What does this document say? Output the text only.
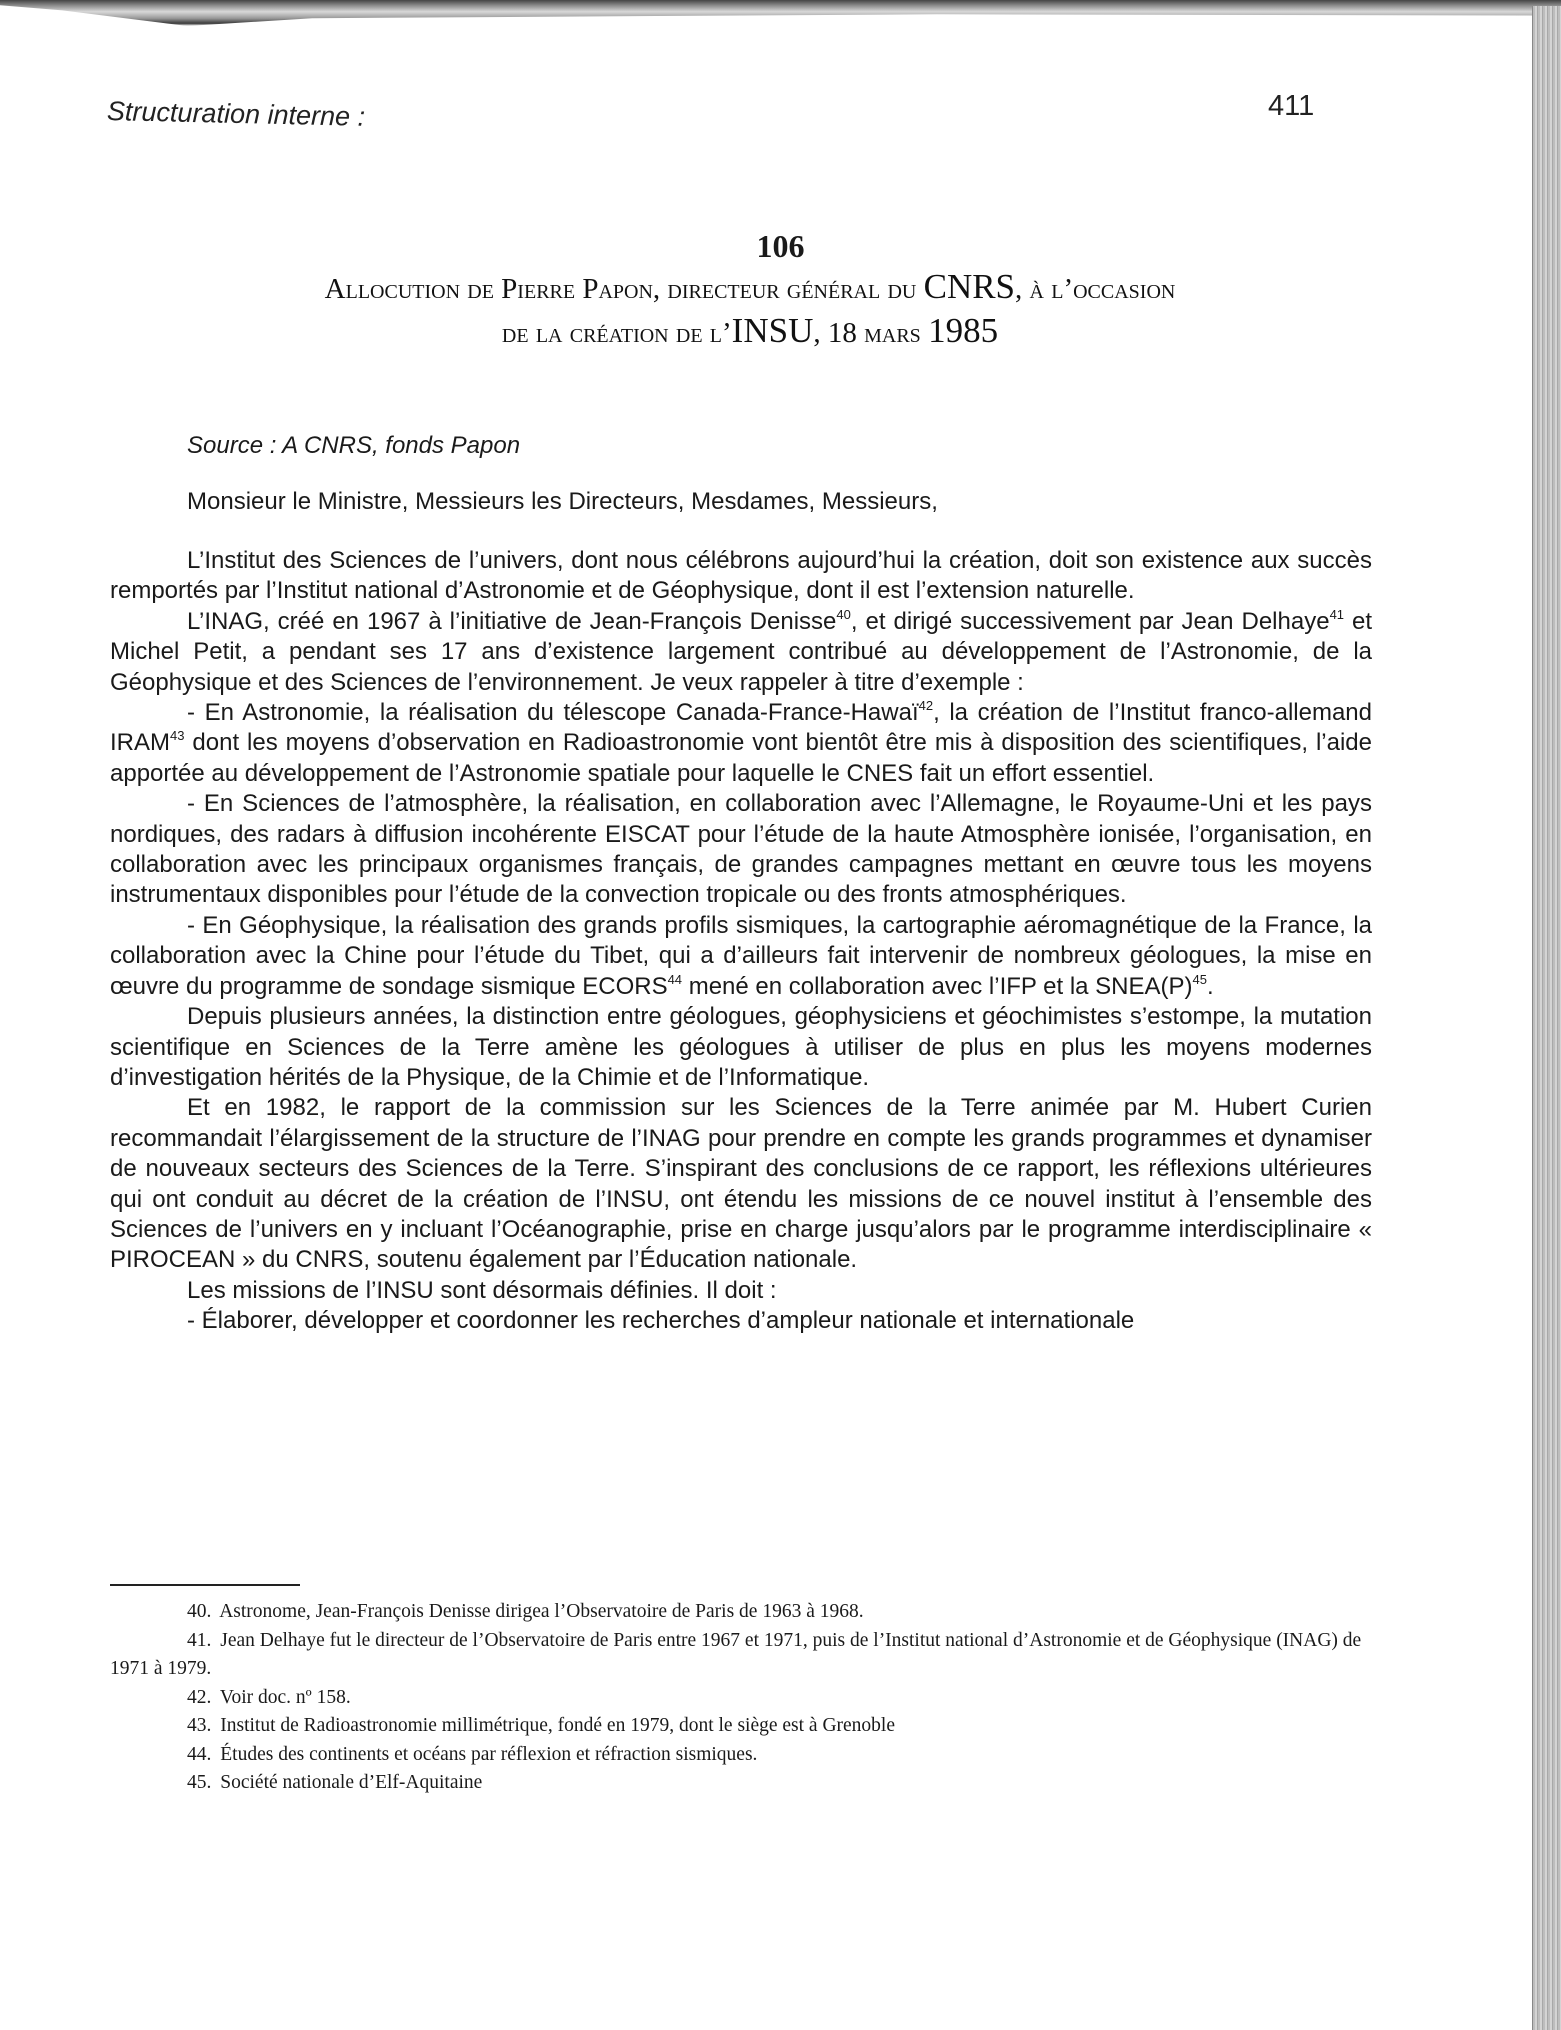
Structuration interne :	411
106
Allocution de Pierre Papon, directeur général du CNRS, à l’occasion
de la création de l’INSU, 18 mars 1985
Source : A CNRS, fonds Papon
Monsieur le Ministre, Messieurs les Directeurs, Mesdames, Messieurs,

L’Institut des Sciences de l’univers, dont nous célébrons aujourd’hui la création, doit son existence aux succès remportés par l’Institut national d’Astronomie et de Géophysique, dont il est l’extension naturelle.

L’INAG, créé en 1967 à l’initiative de Jean-François Denisse$^{40}$, et dirigé successivement par Jean Delhaye$^{41}$ et Michel Petit, a pendant ses 17 ans d’existence largement contribué au développement de l’Astronomie, de la Géophysique et des Sciences de l’environnement. Je veux rappeler à titre d’exemple :

- En Astronomie, la réalisation du télescope Canada-France-Hawaï$^{42}$, la création de l’Institut franco-allemand IRAM$^{43}$ dont les moyens d’observation en Radioastronomie vont bientôt être mis à disposition des scientifiques, l’aide apportée au développement de l’Astronomie spatiale pour laquelle le CNES fait un effort essentiel.

- En Sciences de l’atmosphère, la réalisation, en collaboration avec l’Allemagne, le Royaume-Uni et les pays nordiques, des radars à diffusion incohérente EISCAT pour l’étude de la haute Atmosphère ionisée, l’organisation, en collaboration avec les principaux organismes français, de grandes campagnes mettant en œuvre tous les moyens instrumentaux disponibles pour l’étude de la convection tropicale ou des fronts atmosphériques.

- En Géophysique, la réalisation des grands profils sismiques, la cartographie aéromagnétique de la France, la collaboration avec la Chine pour l’étude du Tibet, qui a d’ailleurs fait intervenir de nombreux géologues, la mise en œuvre du programme de sondage sismique ECORS$^{44}$ mené en collaboration avec l’IFP et la $SNEA(P)^{45}$.

Depuis plusieurs années, la distinction entre géologues, géophysiciens et géochimistes s’estompe, la mutation scientifique en Sciences de la Terre amène les géologues à utiliser de plus en plus les moyens modernes d’investigation hérités de la Physique, de la Chimie et de l’Informatique.

Et en 1982, le rapport de la commission sur les Sciences de la Terre animée par M. Hubert Curien recommandait l’élargissement de la structure de l’INAG pour prendre en compte les grands programmes et dynamiser de nouveaux secteurs des Sciences de la Terre. S’inspirant des conclusions de ce rapport, les réflexions ultérieures qui ont conduit au décret de la création de l’INSU, ont étendu les missions de ce nouvel institut à l’ensemble des Sciences de l’univers en y incluant l’Océanographie, prise en charge jusqu’alors par le programme interdisciplinaire « PIROCEAN » du CNRS, soutenu également par l’Éducation nationale.

Les missions de l’INSU sont désormais définies. Il doit :

- Élaborer, développer et coordonner les recherches d’ampleur nationale et internationale

40. Astronome, Jean-François Denisse dirigea l’Observatoire de Paris de 1963 à 1968.

41. Jean Delhaye fut le directeur de l’Observatoire de Paris entre 1967 et 1971, puis de l’Institut national d’Astronomie et de Géophysique (INAG) de 1971 à 1979.

42. Voir doc. nº 158.

43. Institut de Radioastronomie millimétrique, fondé en 1979, dont le siège est à Grenoble

44. Études des continents et océans par réflexion et réfraction sismiques.

45. Société nationale d’Elf-Aquitaine
